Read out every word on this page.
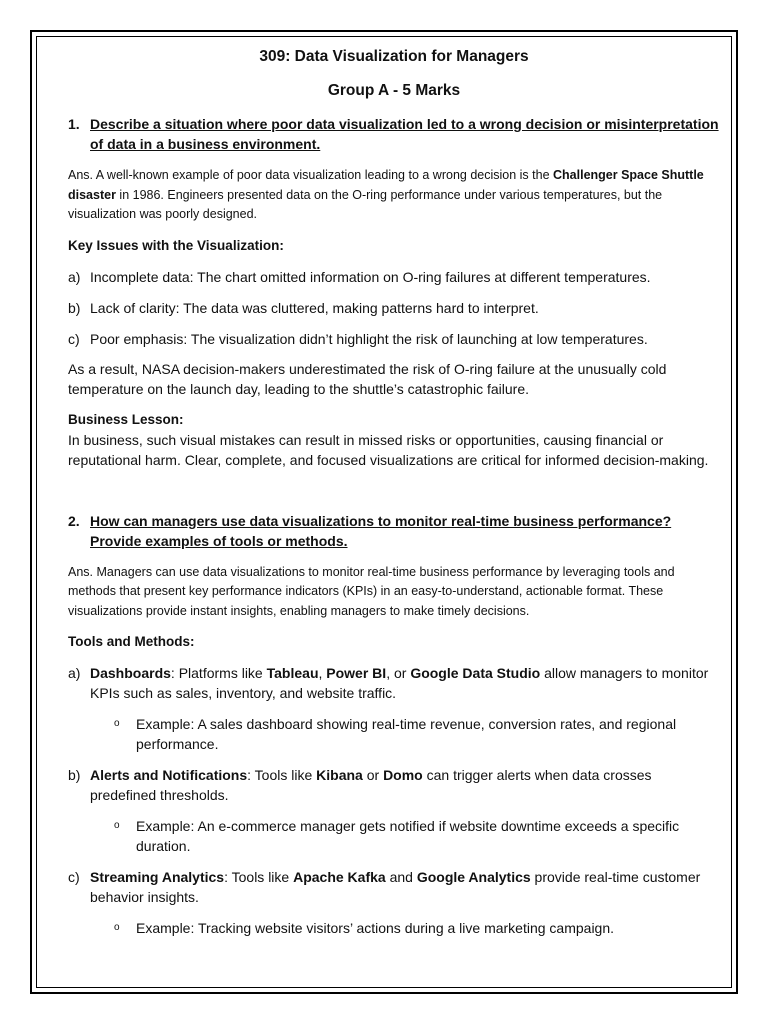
309: Data Visualization for Managers

Group A - 5 Marks

1. Describe a situation where poor data visualization led to a wrong decision or misinterpretation of data in a business environment.

Ans. A well-known example of poor data visualization leading to a wrong decision is the Challenger Space Shuttle disaster in 1986. Engineers presented data on the O-ring performance under various temperatures, but the visualization was poorly designed.

Key Issues with the Visualization:

a) Incomplete data: The chart omitted information on O-ring failures at different temperatures.
b) Lack of clarity: The data was cluttered, making patterns hard to interpret.
c) Poor emphasis: The visualization didn’t highlight the risk of launching at low temperatures.

As a result, NASA decision-makers underestimated the risk of O-ring failure at the unusually cold temperature on the launch day, leading to the shuttle’s catastrophic failure.

Business Lesson:

In business, such visual mistakes can result in missed risks or opportunities, causing financial or reputational harm. Clear, complete, and focused visualizations are critical for informed decision-making.

2. How can managers use data visualizations to monitor real-time business performance? Provide examples of tools or methods.

Ans. Managers can use data visualizations to monitor real-time business performance by leveraging tools and methods that present key performance indicators (KPIs) in an easy-to-understand, actionable format. These visualizations provide instant insights, enabling managers to make timely decisions.

Tools and Methods:

a) Dashboards: Platforms like Tableau, Power BI, or Google Data Studio allow managers to monitor KPIs such as sales, inventory, and website traffic.
o	Example: A sales dashboard showing real-time revenue, conversion rates, and regional performance.
b) Alerts and Notifications: Tools like Kibana or Domo can trigger alerts when data crosses predefined thresholds.
o	Example: An e-commerce manager gets notified if website downtime exceeds a specific duration.
c) Streaming Analytics: Tools like Apache Kafka and Google Analytics provide real-time customer behavior insights.
o	Example: Tracking website visitors’ actions during a live marketing campaign.
